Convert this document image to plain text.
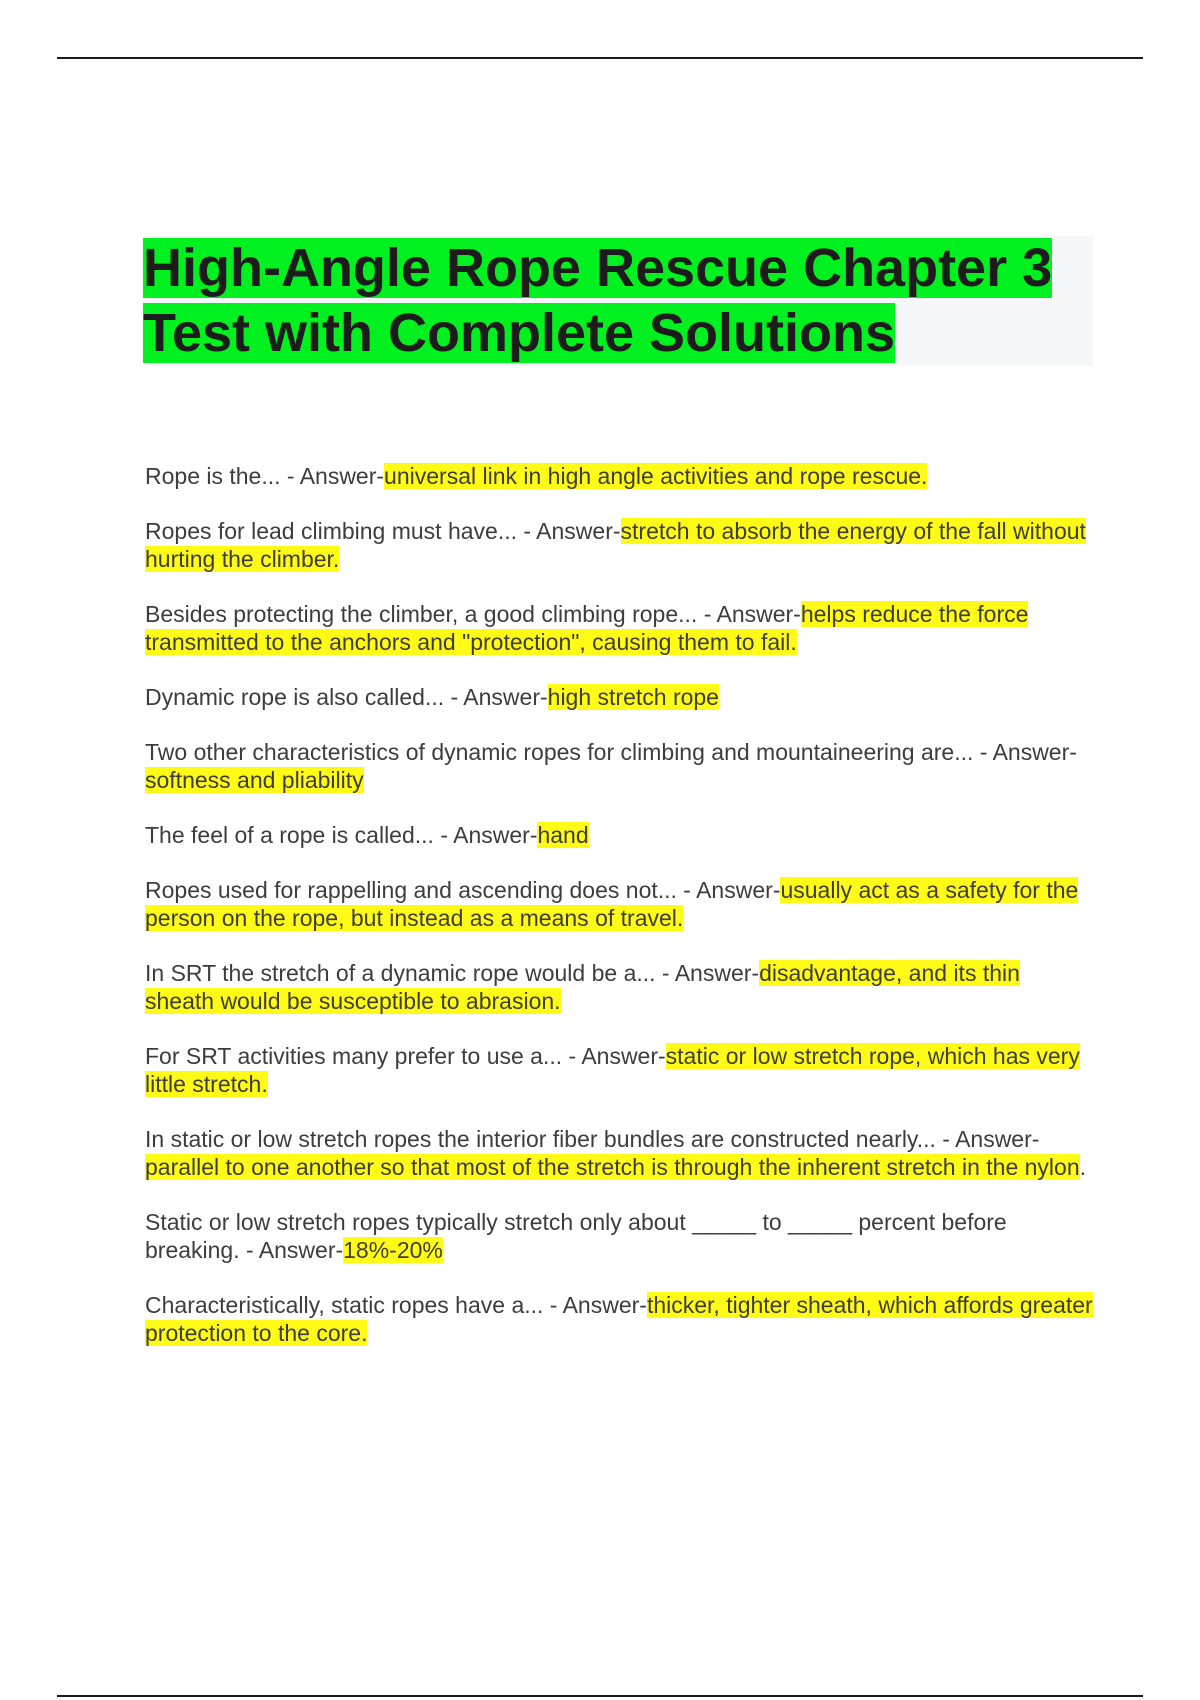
High-Angle Rope Rescue Chapter 3 Test with Complete Solutions

Rope is the... - Answer-universal link in high angle activities and rope rescue.

Ropes for lead climbing must have... - Answer-stretch to absorb the energy of the fall without hurting the climber.

Besides protecting the climber, a good climbing rope... - Answer-helps reduce the force transmitted to the anchors and "protection", causing them to fail.

Dynamic rope is also called... - Answer-high stretch rope

Two other characteristics of dynamic ropes for climbing and mountaineering are... - Answer-softness and pliability

The feel of a rope is called... - Answer-hand

Ropes used for rappelling and ascending does not... - Answer-usually act as a safety for the person on the rope, but instead as a means of travel.

In SRT the stretch of a dynamic rope would be a... - Answer-disadvantage, and its thin sheath would be susceptible to abrasion.

For SRT activities many prefer to use a... - Answer-static or low stretch rope, which has very little stretch.

In static or low stretch ropes the interior fiber bundles are constructed nearly... - Answer-parallel to one another so that most of the stretch is through the inherent stretch in the nylon.

Static or low stretch ropes typically stretch only about _____ to _____ percent before breaking. - Answer-18%-20%

Characteristically, static ropes have a... - Answer-thicker, tighter sheath, which affords greater protection to the core.
